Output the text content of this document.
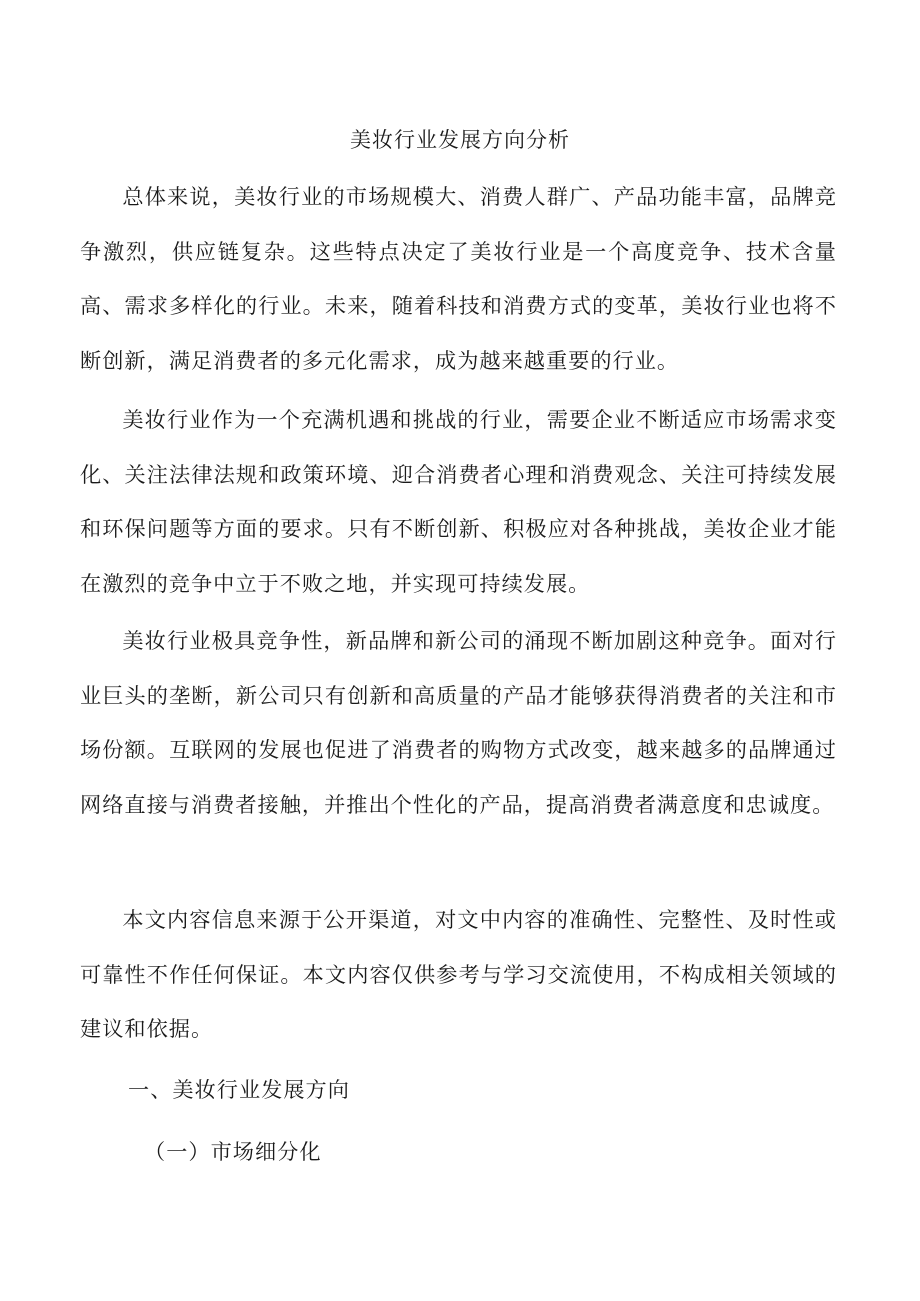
美妆行业发展方向分析

总体来说，美妆行业的市场规模大、消费人群广、产品功能丰富，品牌竞争激烈，供应链复杂。这些特点决定了美妆行业是一个高度竞争、技术含量高、需求多样化的行业。未来，随着科技和消费方式的变革，美妆行业也将不断创新，满足消费者的多元化需求，成为越来越重要的行业。

美妆行业作为一个充满机遇和挑战的行业，需要企业不断适应市场需求变化、关注法律法规和政策环境、迎合消费者心理和消费观念、关注可持续发展和环保问题等方面的要求。只有不断创新、积极应对各种挑战，美妆企业才能在激烈的竞争中立于不败之地，并实现可持续发展。

美妆行业极具竞争性，新品牌和新公司的涌现不断加剧这种竞争。面对行业巨头的垄断，新公司只有创新和高质量的产品才能够获得消费者的关注和市场份额。互联网的发展也促进了消费者的购物方式改变，越来越多的品牌通过网络直接与消费者接触，并推出个性化的产品，提高消费者满意度和忠诚度。

本文内容信息来源于公开渠道，对文中内容的准确性、完整性、及时性或可靠性不作任何保证。本文内容仅供参考与学习交流使用，不构成相关领域的建议和依据。

一、美妆行业发展方向
（一）市场细分化
